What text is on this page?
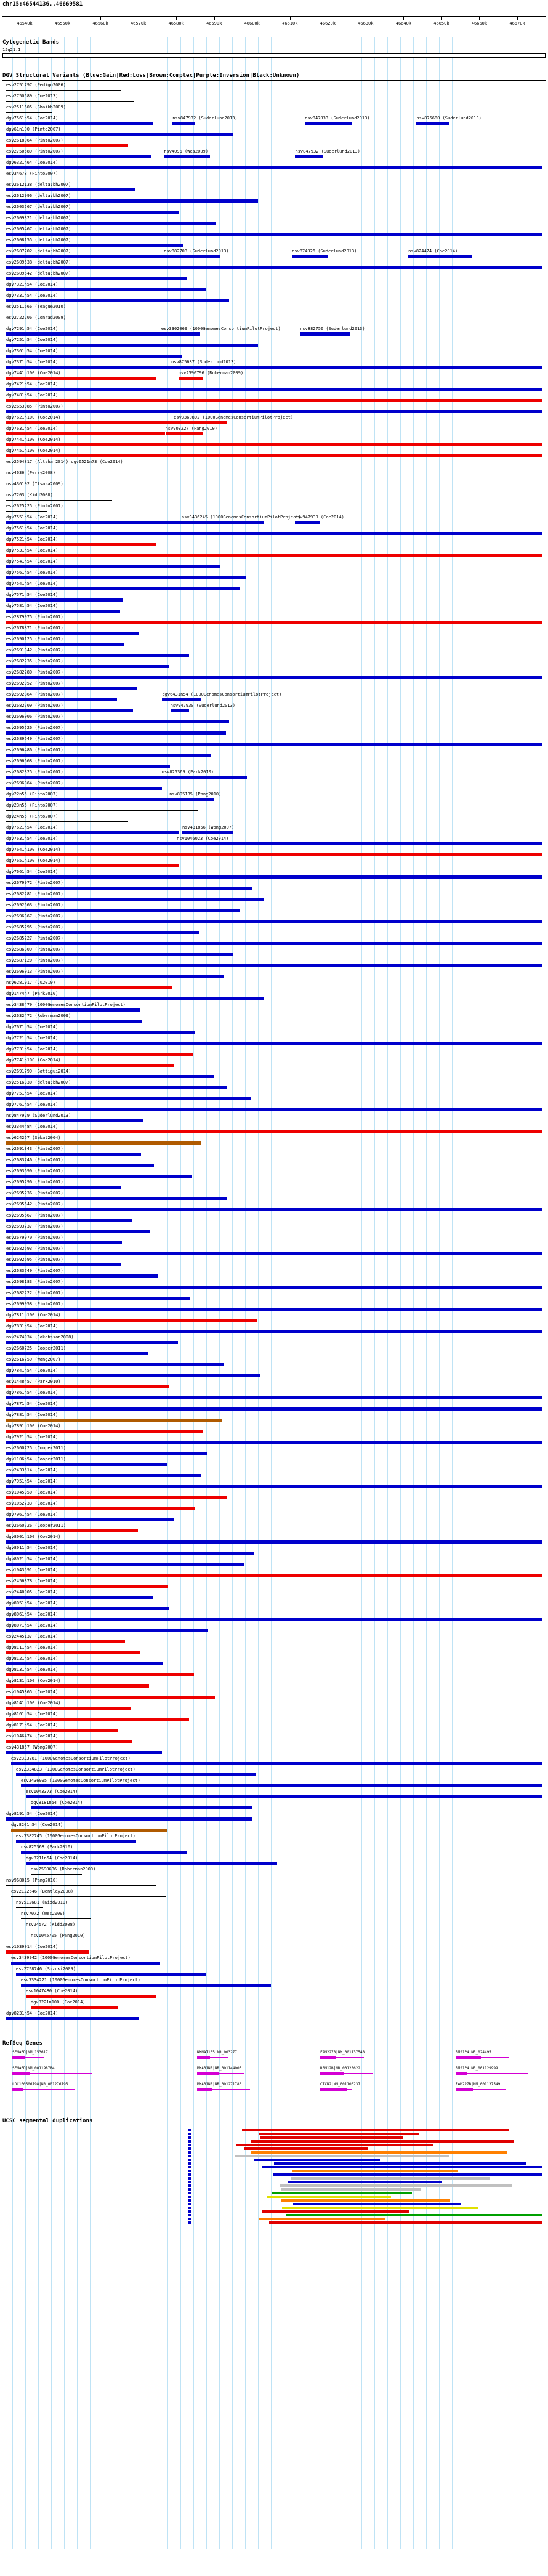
chr15:46544136..46669581
46540k	46550k	46560k	46570k	46580k	46590k	46600k	46610k	46620k	46630k	46640k	46650k	46660k	46670k
Cytogenetic Bands
15q21.1
DGV Structural Variants (Blue:Gain|Red:Loss|Brown:Complex|Purple:Inversion|Black:Unknown)
esv2751797 (Pedigo2006)
esv2750589 (Coe2013)
esv2511605 (Shaikh2009)
dgv7561n54 (Coe2014)	nsv847932 (Suderlund2013)	nsv847033 (Suderlund2013)	nsv875680 (Suderlund2013)
dgv61n100 (Pinto2007)
esv2618064 (Pinto2007)
esv2750589 (Pinto2007)	nsv4096 (Wes2009)	nsv847932 (Suderlund2013)
dgv6321n64 (Coe2014)
esv34678 (Pinto2007)
esv2612138 (delta:bh2007)
esv2612996 (delta:bh2007)
esv2603567 (delta:bh2007)
esv2609321 (delta:bh2007)
esv2605467 (delta:bh2007)
esv2608155 (delta:bh2007)
esv2607702 (delta:bh2007)	nsv882703 (Suderlund2013)	nsv874026 (Suderlund2013)	nsv824474 (Coe2014)
esv2609538 (delta:bh2007)
esv2609642 (delta:bh2007)
dgv7321n54 (Coe2014)
dgv7331n54 (Coe2014)
esv2511666 (Teague2010)
esv2722206 (Conrad2009)
dgv7291n54 (Coe2014)	esv3302069 (1000GenomesConsortiumPilotProject)	nsv882756 (Suderlund2013)
dgv7251n54 (Coe2014)
dgv7361n54 (Coe2014)
dgv7371n54 (Coe2014)	nsv875687 (Suderlund2013)
dgv7441n100 (Coe2014)	nsv2590796 (Roberman2009)
dgv7421n54 (Coe2014)
dgv7481n54 (Coe2014)
esv2653985 (Pinto2007)
dgv7621n100 (Coe2014)	esv3360892 (1000GenomesConsortiumPilotProject)
dgv7631n54 (Coe2014)	nsv903227 (Pang2010)
dgv7441n100 (Coe2014)
dgv7451n100 (Coe2014)
esv2594817 (Altshar2014) dgv6521n73 (Coe2014)
nsv4636 (Perry2008)
nsv436102 (Itsara2009)
nsv7203 (Kidd2008)
esv2625225 (Pinto2007)
dgv7551n54 (Coe2014)	nsv3436245 (1000GenomesConsortiumPilotProject)
esv947930 (Coe2014)
dgv7561n54 (Coe2014)
dgv7521n54 (Coe2014)
dgv7531n54 (Coe2014)
dgv7541n54 (Coe2014)
dgv7561n54 (Coe2014)
dgv7541n54 (Coe2014)
dgv7571n54 (Coe2014)
dgv7581n54 (Coe2014)
esv2879975 (Pinto2007)
esv2678871 (Pinto2007)
esv2690125 (Pinto2007)
esv2691342 (Pinto2007)
esv2682235 (Pinto2007)
esv2682280 (Pinto2007)
esv2692952 (Pinto2007)
esv2692864 (Pinto2007)	dgv6431n54 (1000GenomesConsortiumPilotProject)
esv2682709 (Pinto2007)	nsv947930 (Suderlund2013)
esv2696006 (Pinto2007)
esv2695526 (Pinto2007)
esv2689649 (Pinto2007)
esv2696486 (Pinto2007)
esv2696668 (Pinto2007)
esv2682325 (Pinto2007)	nsv825369 (Park2010)
esv2696864 (Pinto2007)
dgv22n55 (Pinto2007)	nsv895135 (Pang2010)
dgv23n55 (Pinto2007)
dgv24n55 (Pinto2007)
dgv7621n54 (Coe2014)	nsv431856 (Wong2007)
dgv7631n54 (Coe2014)	nsv1046023 (Coe2014)
dgv7641n100 (Coe2014)
dgv7651n100 (Coe2014)
dgv7661n54 (Coe2014)
esv2679972 (Pinto2007)
esv2682281 (Pinto2007)
esv2692563 (Pinto2007)
esv2696367 (Pinto2007)
esv2685295 (Pinto2007)
esv2685227 (Pinto2007)
esv2686309 (Pinto2007)
esv2687120 (Pinto2007)
esv2696013 (Pinto2007)
nsv6281917 (Ju2019)
dgv1474n7 (Park2010)
esv3438479 (1000GenomesConsortiumPilotProject)
esv2632472 (Roberman2009)
dgv7671n54 (Coe2014)
dgv7721n54 (Coe2014)
dgv7731n54 (Coe2014)
dgv7741n100 (Coe2014)
esv2691799 (Sattigui2014)
esv2516330 (delta:bh2007)
dgv7751n54 (Coe2014)
dgv7761n54 (Coe2014)
nsv847929 (Suderlund2013)
esv3344484 (Coe2014)
esv624267 (Sebat2004)
esv2691343 (Pinto2007)
esv2683746 (Pinto2007)
esv2693690 (Pinto2007)
esv2695296 (Pinto2007)
esv2695236 (Pinto2007)
esv2695642 (Pinto2007)
esv2695667 (Pinto2007)
esv2693737 (Pinto2007)
esv2679970 (Pinto2007)
esv2682693 (Pinto2007)
esv2692695 (Pinto2007)
esv2683749 (Pinto2007)
esv2698183 (Pinto2007)
esv2682222 (Pinto2007)
esv2699958 (Pinto2007)
dgv7811n100 (Coe2014)
dgv7831n54 (Coe2014)
nsv2474934 (Jakobsson2008)
esv2660725 (Cooper2011)
esv2616759 (Wang2007)
dgv7841n54 (Coe2014)
esv1448457 (Park2010)
dgv7861n54 (Coe2014)
dgv7871n54 (Coe2014)
dgv7881n54 (Coe2014)
dgv7891n100 (Coe2014)
dgv7921n54 (Coe2014)
esv2660725 (Cooper2011)
dgv1106n54 (Cooper2011)
esv2433514 (Coe2014)
dgv7951n54 (Coe2014)
esv1045350 (Coe2014)
esv1052733 (Coe2014)
dgv7961n54 (Coe2014)
esv2660726 (Cooper2011)
dgv8001n100 (Coe2014)
dgv8011n54 (Coe2014)
dgv8021n54 (Coe2014)
esv1043591 (Coe2014)
esv2456378 (Coe2014)
esv2440905 (Coe2014)
dgv8051n54 (Coe2014)
dgv8061n54 (Coe2014)
dgv8071n54 (Coe2014)
esv2445137 (Coe2014)
dgv8111n54 (Coe2014)
dgv8121n54 (Coe2014)
dgv8131n54 (Coe2014)
dgv8131n100 (Coe2014)
esv1045365 (Coe2014)
dgv8141n100 (Coe2014)
dgv8161n54 (Coe2014)
dgv8171n54 (Coe2014)
esv1046474 (Coe2014)
esv431857 (Wong2007)
esv2333281 (1000GenomesConsortiumPilotProject)
esv2334823 (1000GenomesConsortiumPilotProject)
esv3436995 (1000GenomesConsortiumPilotProject)
esv1043373 (Coe2014)
dgv8181n54 (Coe2014)
dgv8191n54 (Coe2014)
dgv8201n54 (Coe2014)
esv3382745 (1000GenomesConsortiumPilotProject)
nsv825368 (Park2010)
dgv8211n54 (Coe2014)
esv2590636 (Roberman2009)
nsv968015 (Pang2010)
esv2122646 (Bentley2008)
nsv512681 (Kidd2010)
nsv7072 (Wes2009)
nsv24572 (Kidd2008)
nsv1045705 (Pang2010)
esv1039014 (Coe2014)
esv3439942 (1000GenomesConsortiumPilotProject)
esv2758746 (Suzuki2009)
esv3334221 (1000GenomesConsortiumPilotProject)
esv1047480 (Coe2014)
dgv8221n100 (Coe2014)
dgv8231n54 (Coe2014)
RefSeq Genes
SEMA6D|NM_153617	NMNAT1P5|NR_003277	FAM227B|NM_001137548	BMS1P4|NR_024495
SEMA6D|NM_001198784	MMAB1NR|NR_001144005	RBM12B|NR_00128622	BMS1P4|NR_001129999
LOC100506798|NR_001276795	MMAB1NR|NR_001271780	CTXN2|NM_001100237	FAM227B|NM_001137549
UCSC segmental duplications
